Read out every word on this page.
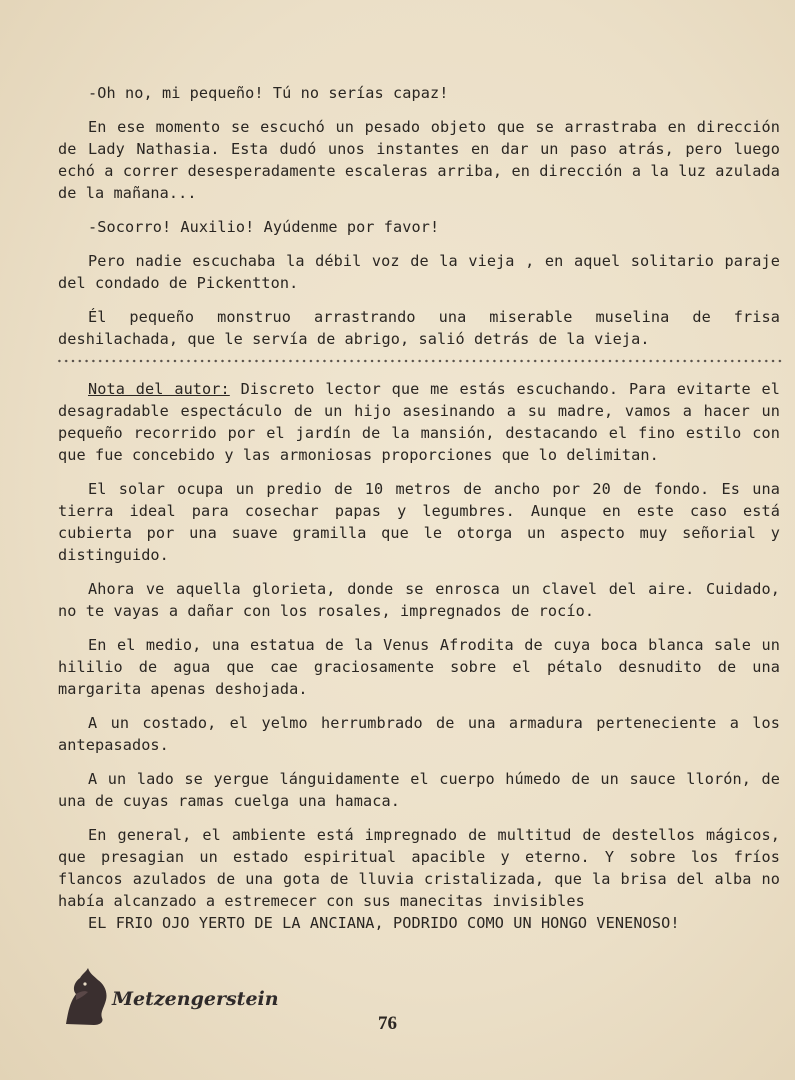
-Oh no, mi pequeño! Tú no serías capaz!

En ese momento se escuchó un pesado objeto que se arrastraba en dirección de Lady Nathasia. Esta dudó unos instantes en dar un paso atrás, pero luego echó a correr desesperadamente escaleras arriba, en dirección a la luz azulada de la mañana...

-Socorro! Auxilio! Ayúdenme por favor!

Pero nadie escuchaba la débil voz de la vieja , en aquel solitario paraje del condado de Pickentton.

Él pequeño monstruo arrastrando una miserable muselina de frisa deshilachada, que le servía de abrigo, salió detrás de la vieja.

Nota del autor: Discreto lector que me estás escuchando. Para evitarte el desagradable espectáculo de un hijo asesinando a su madre, vamos a hacer un pequeño recorrido por el jardín de la mansión, destacando el fino estilo con que fue concebido y las armoniosas proporciones que lo delimitan.

El solar ocupa un predio de 10 metros de ancho por 20 de fondo. Es una tierra ideal para cosechar papas y legumbres. Aunque en este caso está cubierta por una suave gramilla que le otorga un aspecto muy señorial y distinguido.

Ahora ve aquella glorieta, donde se enrosca un clavel del aire. Cuidado, no te vayas a dañar con los rosales, impregnados de rocío.

En el medio, una estatua de la Venus Afrodita de cuya boca blanca sale un hililio de agua que cae graciosamente sobre el pétalo desnudito de una margarita apenas deshojada.

A un costado, el yelmo herrumbrado de una armadura perteneciente a los antepasados.

A un lado se yergue lánguidamente el cuerpo húmedo de un sauce llorón, de una de cuyas ramas cuelga una hamaca.

En general, el ambiente está impregnado de multitud de destellos mágicos, que presagian un estado espiritual apacible y eterno. Y sobre los fríos flancos azulados de una gota de lluvia cristalizada, que la brisa del alba no había alcanzado a estremecer con sus manecitas invisibles

EL FRIO OJO YERTO DE LA ANCIANA, PODRIDO COMO UN HONGO VENENOSO!

Metzengerstein
76
